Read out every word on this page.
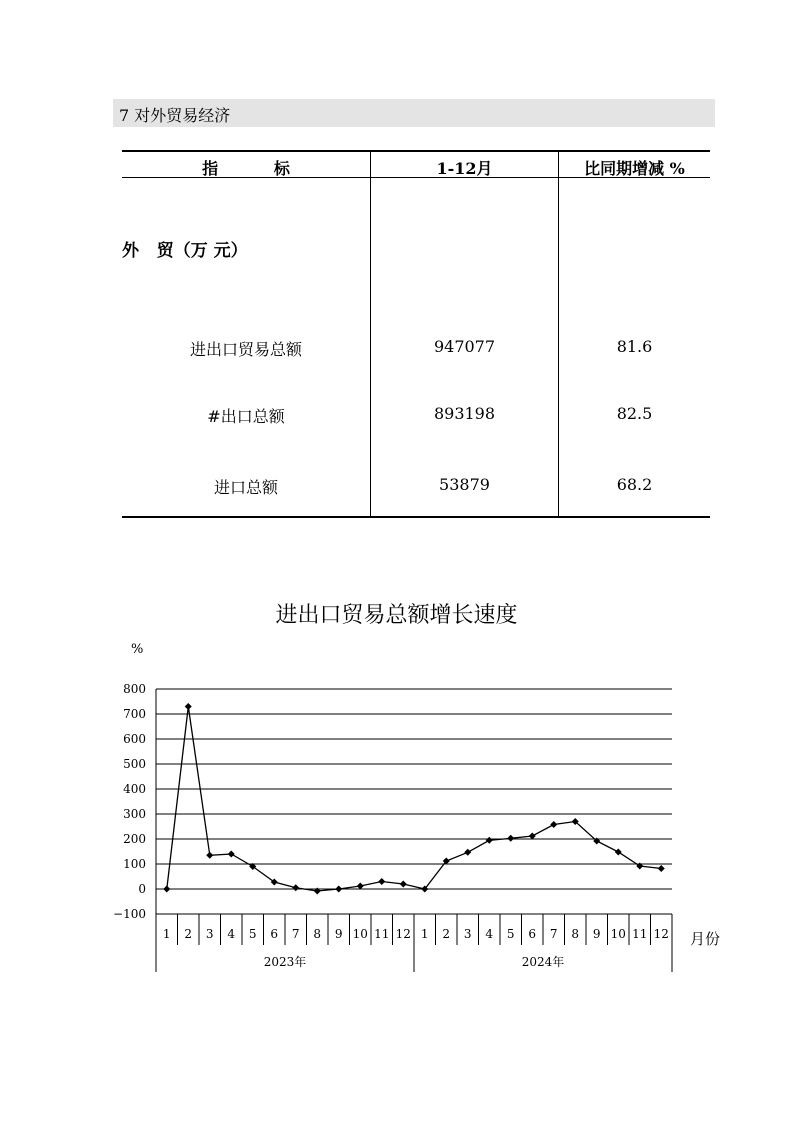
7 对外贸易经济
指          标	1-12月	比同期增减 %
外   贸（万 元）
进出口贸易总额	947077	81.6
#出口总额	893198	82.5
进口总额	53879	68.2
进出口贸易总额增长速度
%
月份
800
700
600
500
400
300
200
100
0
−100
1 2 3 4 5 6 7 8 9 10 11 12 1 2 3 4 5 6 7 8 9 10 11 12
2023年	2024年
